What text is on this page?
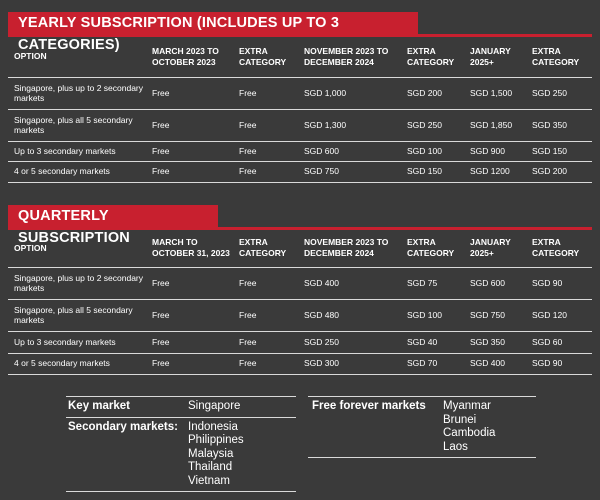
YEARLY SUBSCRIPTION (INCLUDES UP TO 3 CATEGORIES)
OPTION	MARCH 2023 TO OCTOBER 2023	EXTRA CATEGORY	NOVEMBER 2023 TO DECEMBER 2024	EXTRA CATEGORY	JANUARY 2025+	EXTRA CATEGORY
Singapore, plus up to 2 secondary markets	Free	Free	SGD 1,000	SGD 200	SGD 1,500	SGD 250
Singapore, plus all 5 secondary markets	Free	Free	SGD 1,300	SGD 250	SGD 1,850	SGD 350
Up to 3 secondary markets	Free	Free	SGD 600	SGD 100	SGD 900	SGD 150
4 or 5 secondary markets	Free	Free	SGD 750	SGD 150	SGD 1200	SGD 200
QUARTERLY SUBSCRIPTION
OPTION	MARCH TO OCTOBER 31, 2023	EXTRA CATEGORY	NOVEMBER 2023 TO DECEMBER 2024	EXTRA CATEGORY	JANUARY 2025+	EXTRA CATEGORY
Singapore, plus up to 2 secondary markets	Free	Free	SGD 400	SGD 75	SGD 600	SGD 90
Singapore, plus all 5 secondary markets	Free	Free	SGD 480	SGD 100	SGD 750	SGD 120
Up to 3 secondary markets	Free	Free	SGD 250	SGD 40	SGD 350	SGD 60
4 or 5 secondary markets	Free	Free	SGD 300	SGD 70	SGD 400	SGD 90
Key market	Singapore
Secondary markets: Indonesia
Philippines
Malaysia
Thailand
Vietnam
Free forever markets	Myanmar
Brunei
Cambodia
Laos
